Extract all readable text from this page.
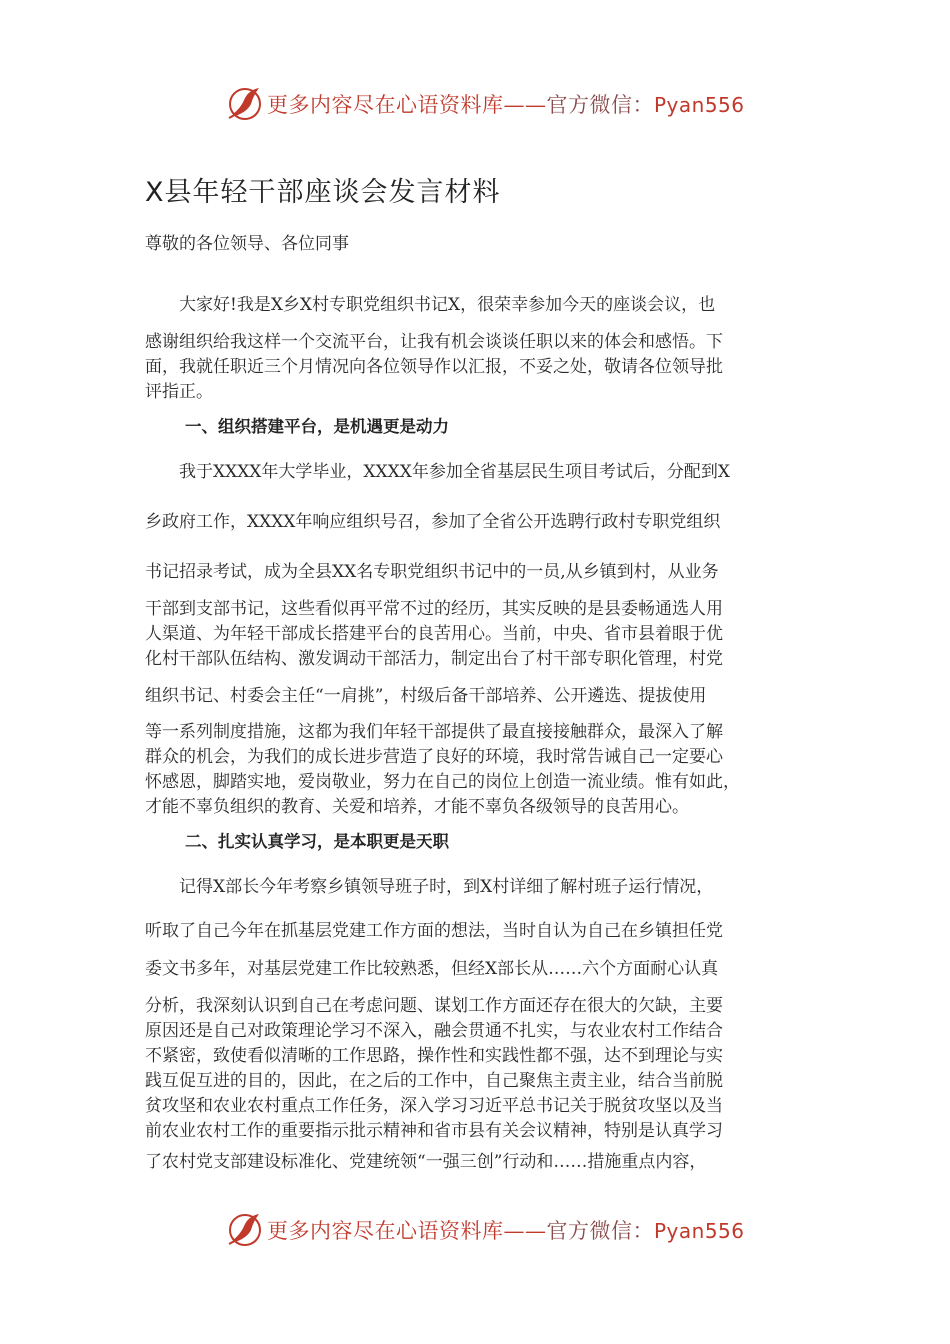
更多内容尽在心语资料库——官方微信：Pyan556
X县年轻干部座谈会发言材料

尊敬的各位领导、各位同事

大家好!我是X乡X村专职党组织书记X，很荣幸参加今天的座谈会议，也
感谢组织给我这样一个交流平台，让我有机会谈谈任职以来的体会和感悟。下
面，我就任职近三个月情况向各位领导作以汇报，不妥之处，敬请各位领导批
评指正。

一、组织搭建平台，是机遇更是动力

我于XXXX年大学毕业，XXXX年参加全省基层民生项目考试后，分配到X
乡政府工作，XXXX年响应组织号召，参加了全省公开选聘行政村专职党组织
书记招录考试，成为全县XX名专职党组织书记中的一员,从乡镇到村，从业务
干部到支部书记，这些看似再平常不过的经历，其实反映的是县委畅通选人用
人渠道、为年轻干部成长搭建平台的良苦用心。当前，中央、省市县着眼于优
化村干部队伍结构、激发调动干部活力，制定出台了村干部专职化管理，村党
组织书记、村委会主任“一肩挑”，村级后备干部培养、公开遴选、提拔使用
等一系列制度措施，这都为我们年轻干部提供了最直接接触群众，最深入了解
群众的机会，为我们的成长进步营造了良好的环境，我时常告诫自己一定要心
怀感恩，脚踏实地，爱岗敬业，努力在自己的岗位上创造一流业绩。惟有如此，
才能不辜负组织的教育、关爱和培养，才能不辜负各级领导的良苦用心。

二、扎实认真学习，是本职更是天职

记得X部长今年考察乡镇领导班子时，到X村详细了解村班子运行情况，
听取了自己今年在抓基层党建工作方面的想法，当时自认为自己在乡镇担任党
委文书多年，对基层党建工作比较熟悉，但经X部长从……六个方面耐心认真
分析，我深刻认识到自己在考虑问题、谋划工作方面还存在很大的欠缺，主要
原因还是自己对政策理论学习不深入，融会贯通不扎实，与农业农村工作结合
不紧密，致使看似清晰的工作思路，操作性和实践性都不强，达不到理论与实
践互促互进的目的，因此，在之后的工作中，自己聚焦主责主业，结合当前脱
贫攻坚和农业农村重点工作任务，深入学习习近平总书记关于脱贫攻坚以及当
前农业农村工作的重要指示批示精神和省市县有关会议精神，特别是认真学习
了农村党支部建设标准化、党建统领“一强三创”行动和……措施重点内容，

更多内容尽在心语资料库——官方微信：Pyan556
